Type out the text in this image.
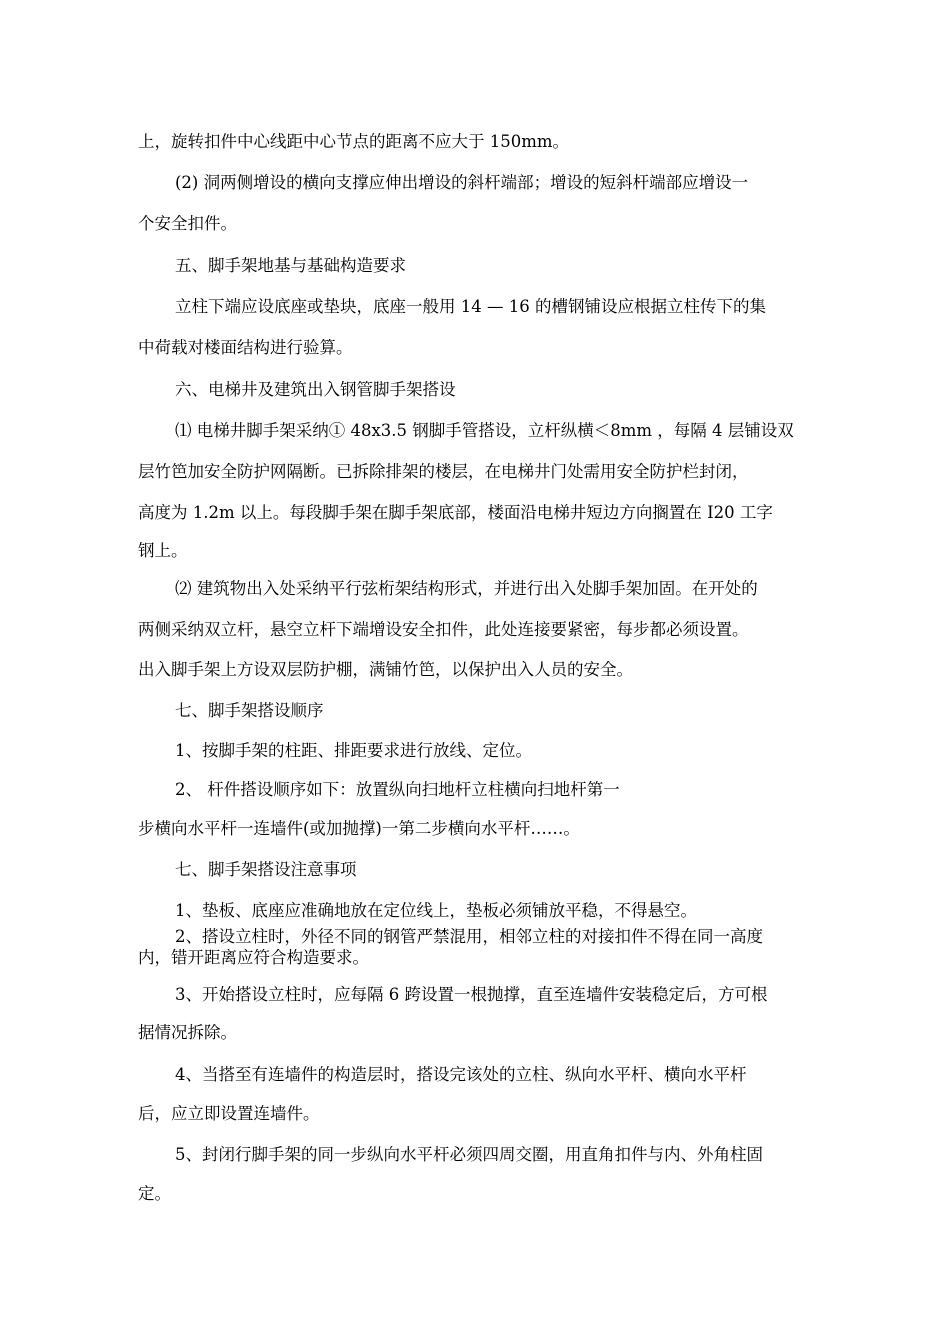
上，旋转扣件中心线距中心节点的距离不应大于 150mm。
(2) 洞两侧增设的横向支撑应伸出增设的斜杆端部；增设的短斜杆端部应增设一
个安全扣件。
五、脚手架地基与基础构造要求
立柱下端应设底座或垫块，底座一般用 14 — 16 的槽钢铺设应根据立柱传下的集
中荷载对楼面结构进行验算。
六、电梯井及建筑出入钢管脚手架搭设
⑴ 电梯井脚手架采纳① 48x3.5 钢脚手管搭设，立杆纵横＜8mm ，每隔 4 层铺设双
层竹笆加安全防护网隔断。已拆除排架的楼层，在电梯井门处需用安全防护栏封闭，
高度为 1.2m 以上。每段脚手架在脚手架底部，楼面沿电梯井短边方向搁置在 I20 工字
钢上。
⑵ 建筑物出入处采纳平行弦桁架结构形式，并进行出入处脚手架加固。在开处的
两侧采纳双立杆，悬空立杆下端增设安全扣件，此处连接要紧密，每步都必须设置。
出入脚手架上方设双层防护棚，满铺竹笆，以保护出入人员的安全。
七、脚手架搭设顺序
1、按脚手架的柱距、排距要求进行放线、定位。
2、 杆件搭设顺序如下：放置纵向扫地杆立柱横向扫地杆第一
步横向水平杆一连墙件(或加抛撑)一第二步横向水平杆……。
七、脚手架搭设注意事项
1、垫板、底座应准确地放在定位线上，垫板必须铺放平稳，不得悬空。
2、搭设立柱时，外径不同的钢管严禁混用，相邻立柱的对接扣件不得在同一高度
内，错开距离应符合构造要求。
3、开始搭设立柱时，应每隔 6 跨设置一根抛撑，直至连墙件安装稳定后，方可根
据情况拆除。
4、当搭至有连墙件的构造层时，搭设完该处的立柱、纵向水平杆、横向水平杆
后，应立即设置连墙件。
5、封闭行脚手架的同一步纵向水平杆必须四周交圈，用直角扣件与内、外角柱固
定。
